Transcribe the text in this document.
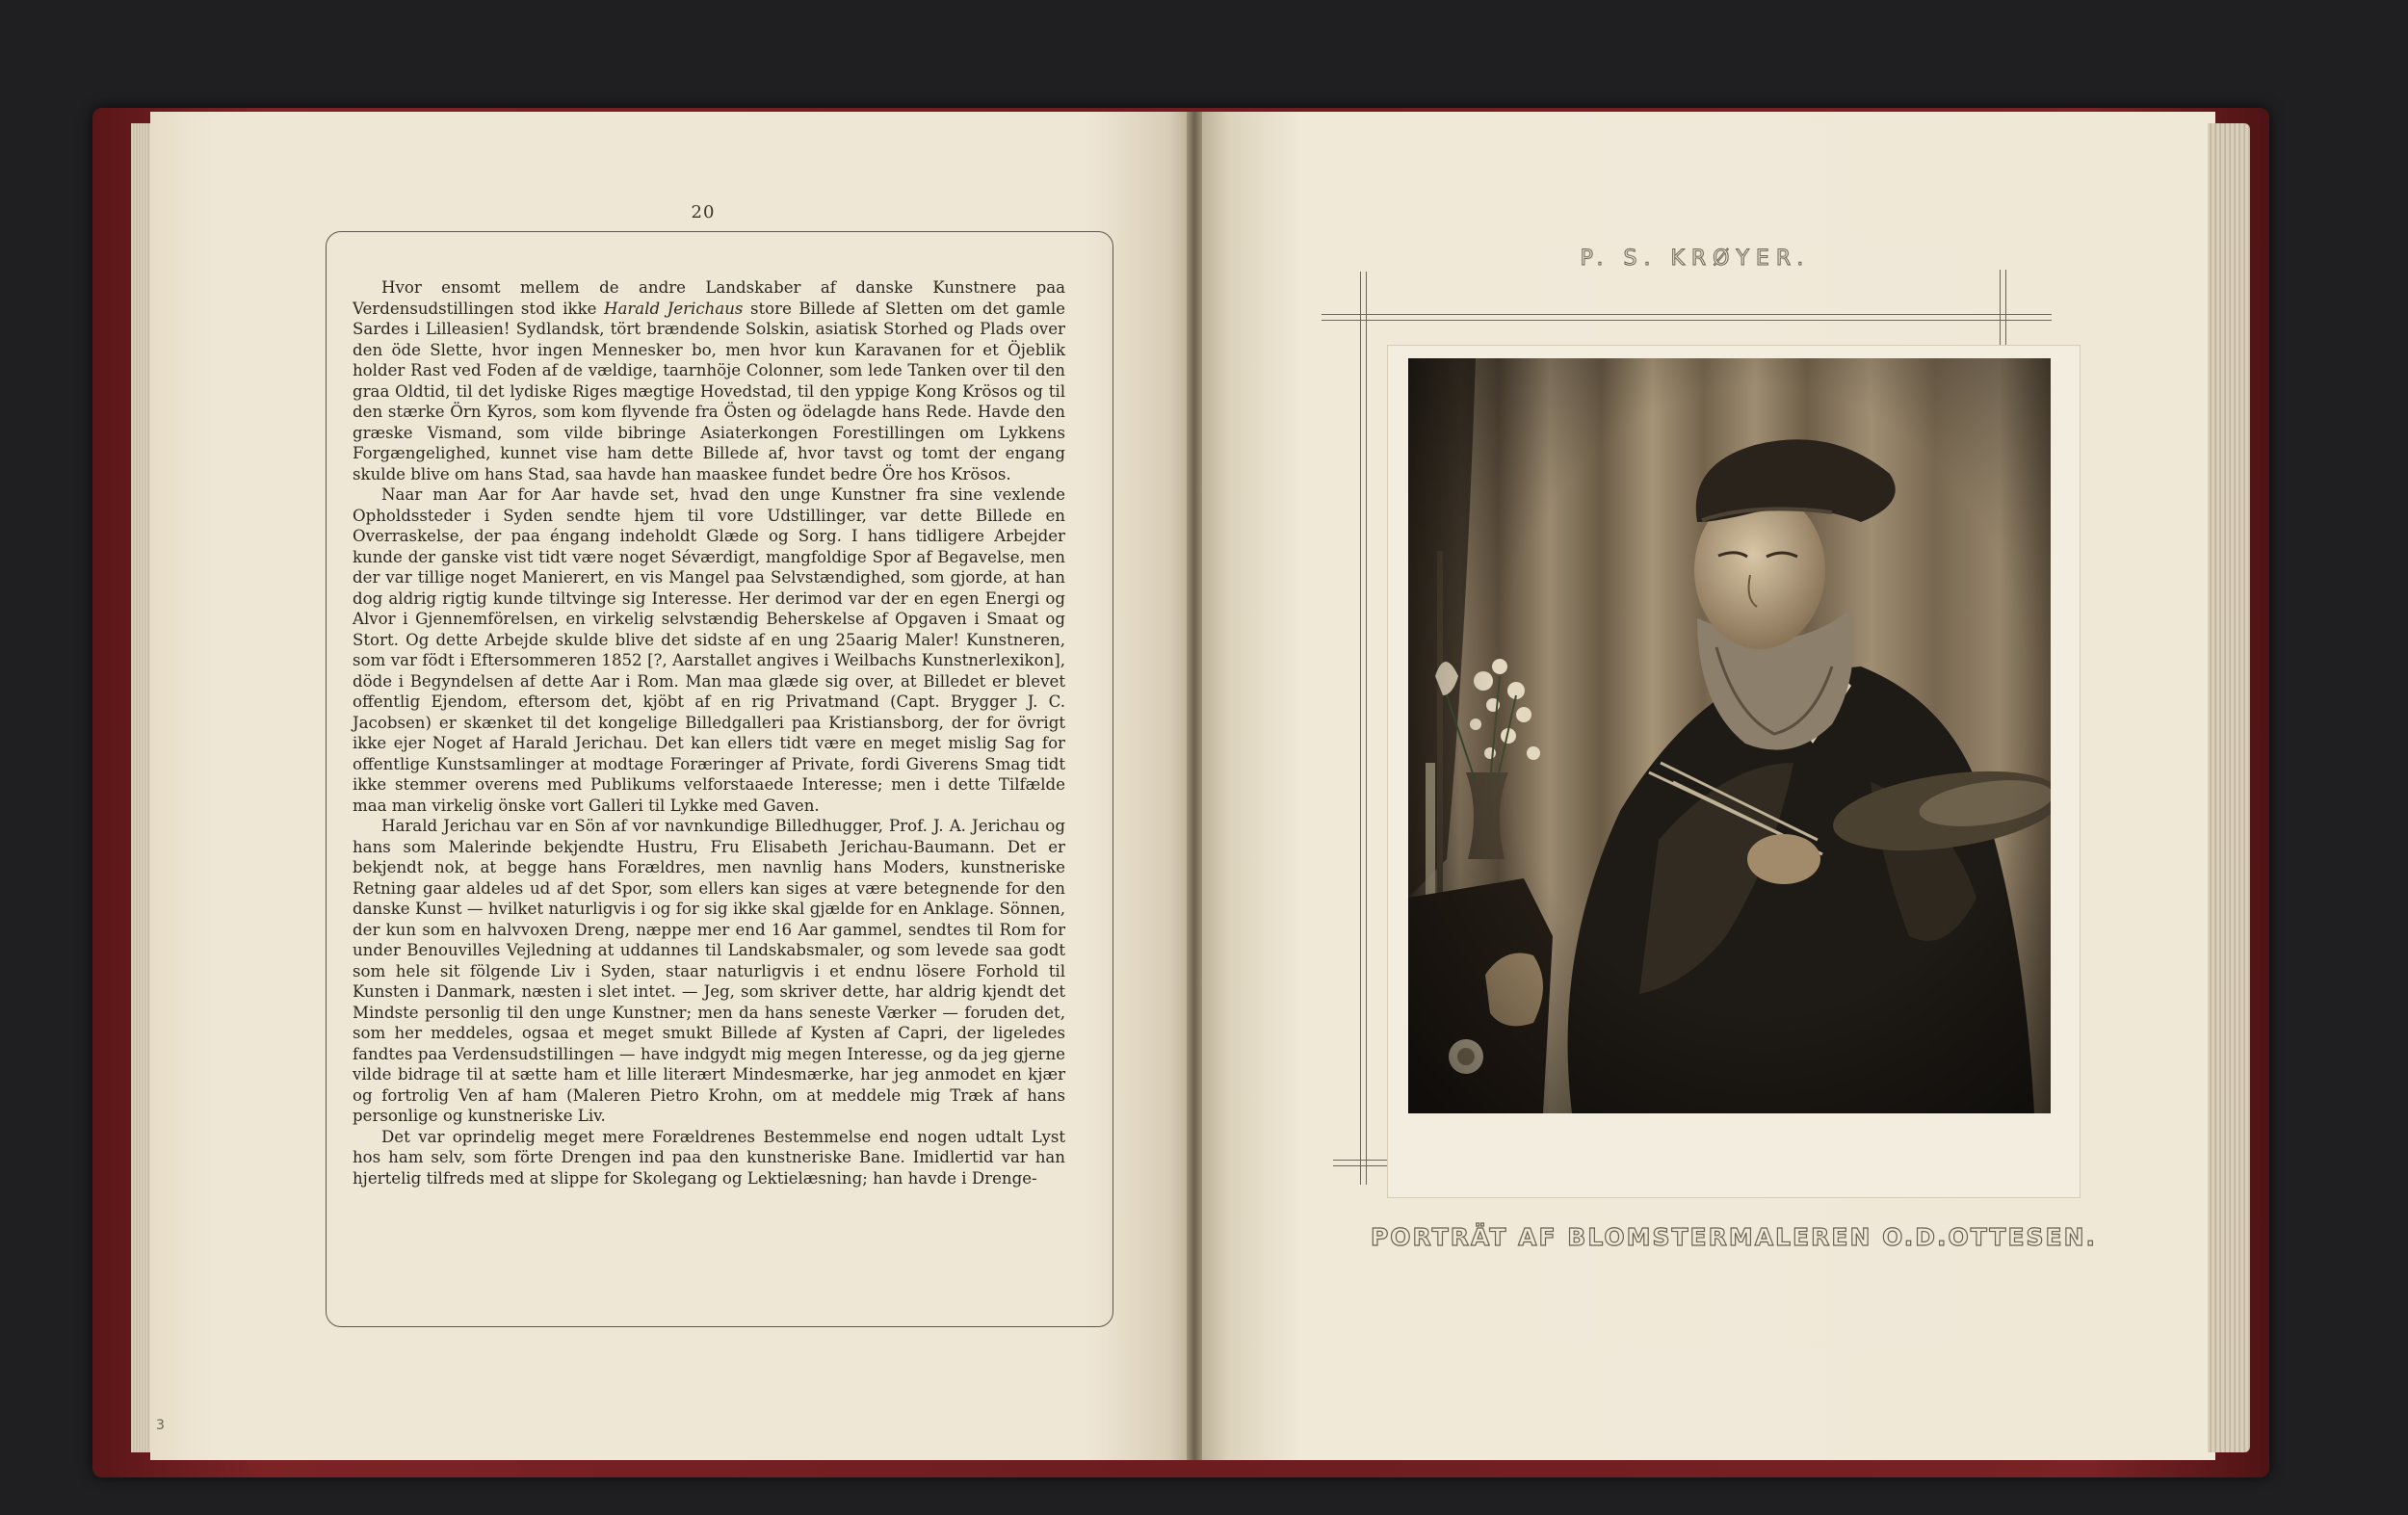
20

Hvor ensomt mellem de andre Landskaber af danske Kunstnere paa Verdensudstillingen stod ikke Harald Jerichaus store Billede af Sletten om det gamle Sardes i Lilleasien! Sydlandsk, tört brændende Solskin, asiatisk Storhed og Plads over den öde Slette, hvor ingen Mennesker bo, men hvor kun Karavanen for et Öjeblik holder Rast ved Foden af de vældige, taarnhöje Colonner, som lede Tanken over til den graa Oldtid, til det lydiske Riges mægtige Hovedstad, til den yppige Kong Krösos og til den stærke Örn Kyros, som kom flyvende fra Östen og ödelagde hans Rede. Havde den græske Vismand, som vilde bibringe Asiaterkongen Forestillingen om Lykkens Forgængelighed, kunnet vise ham dette Billede af, hvor tavst og tomt der engang skulde blive om hans Stad, saa havde han maaskee fundet bedre Öre hos Krösos.

Naar man Aar for Aar havde set, hvad den unge Kunstner fra sine vexlende Opholdssteder i Syden sendte hjem til vore Udstillinger, var dette Billede en Overraskelse, der paa éngang indeholdt Glæde og Sorg. I hans tidligere Arbejder kunde der ganske vist tidt være noget Séværdigt, mangfoldige Spor af Begavelse, men der var tillige noget Manierert, en vis Mangel paa Selvstændighed, som gjorde, at han dog aldrig rigtig kunde tiltvinge sig Interesse. Her derimod var der en egen Energi og Alvor i Gjennemförelsen, en virkelig selvstændig Beherskelse af Opgaven i Smaat og Stort. Og dette Arbejde skulde blive det sidste af en ung 25aarig Maler! Kunstneren, som var födt i Eftersommeren 1852 [?, Aarstallet angives i Weilbachs Kunstnerlexikon], döde i Begyndelsen af dette Aar i Rom. Man maa glæde sig over, at Billedet er blevet offentlig Ejendom, eftersom det, kjöbt af en rig Privatmand (Capt. Brygger J. C. Jacobsen) er skænket til det kongelige Billedgalleri paa Kristiansborg, der for övrigt ikke ejer Noget af Harald Jerichau. Det kan ellers tidt være en meget mislig Sag for offentlige Kunstsamlinger at modtage Foræringer af Private, fordi Giverens Smag tidt ikke stemmer overens med Publikums velforstaaede Interesse; men i dette Tilfælde maa man virkelig önske vort Galleri til Lykke med Gaven.

Harald Jerichau var en Sön af vor navnkundige Billedhugger, Prof. J. A. Jerichau og hans som Malerinde bekjendte Hustru, Fru Elisabeth Jerichau-Baumann. Det er bekjendt nok, at begge hans Forældres, men navnlig hans Moders, kunstneriske Retning gaar aldeles ud af det Spor, som ellers kan siges at være betegnende for den danske Kunst — hvilket naturligvis i og for sig ikke skal gjælde for en Anklage. Sönnen, der kun som en halvvoxen Dreng, næppe mer end 16 Aar gammel, sendtes til Rom for under Benouvilles Vejledning at uddannes til Landskabsmaler, og som levede saa godt som hele sit fölgende Liv i Syden, staar naturligvis i et endnu lösere Forhold til Kunsten i Danmark, næsten i slet intet. — Jeg, som skriver dette, har aldrig kjendt det Mindste personlig til den unge Kunstner; men da hans seneste Værker — foruden det, som her meddeles, ogsaa et meget smukt Billede af Kysten af Capri, der ligeledes fandtes paa Verdensudstillingen — have indgydt mig megen Interesse, og da jeg gjerne vilde bidrage til at sætte ham et lille literært Mindesmærke, har jeg anmodet en kjær og fortrolig Ven af ham (Maleren Pietro Krohn, om at meddele mig Træk af hans personlige og kunstneriske Liv.

Det var oprindelig meget mere Forældrenes Bestemmelse end nogen udtalt Lyst hos ham selv, som förte Drengen ind paa den kunstneriske Bane. Imidlertid var han hjertelig tilfreds med at slippe for Skolegang og Lektielæsning; han havde i Drenge-

3
P. S. KRØYER.
PORTRÄT AF BLOMSTERMALEREN O.D.OTTESEN.
